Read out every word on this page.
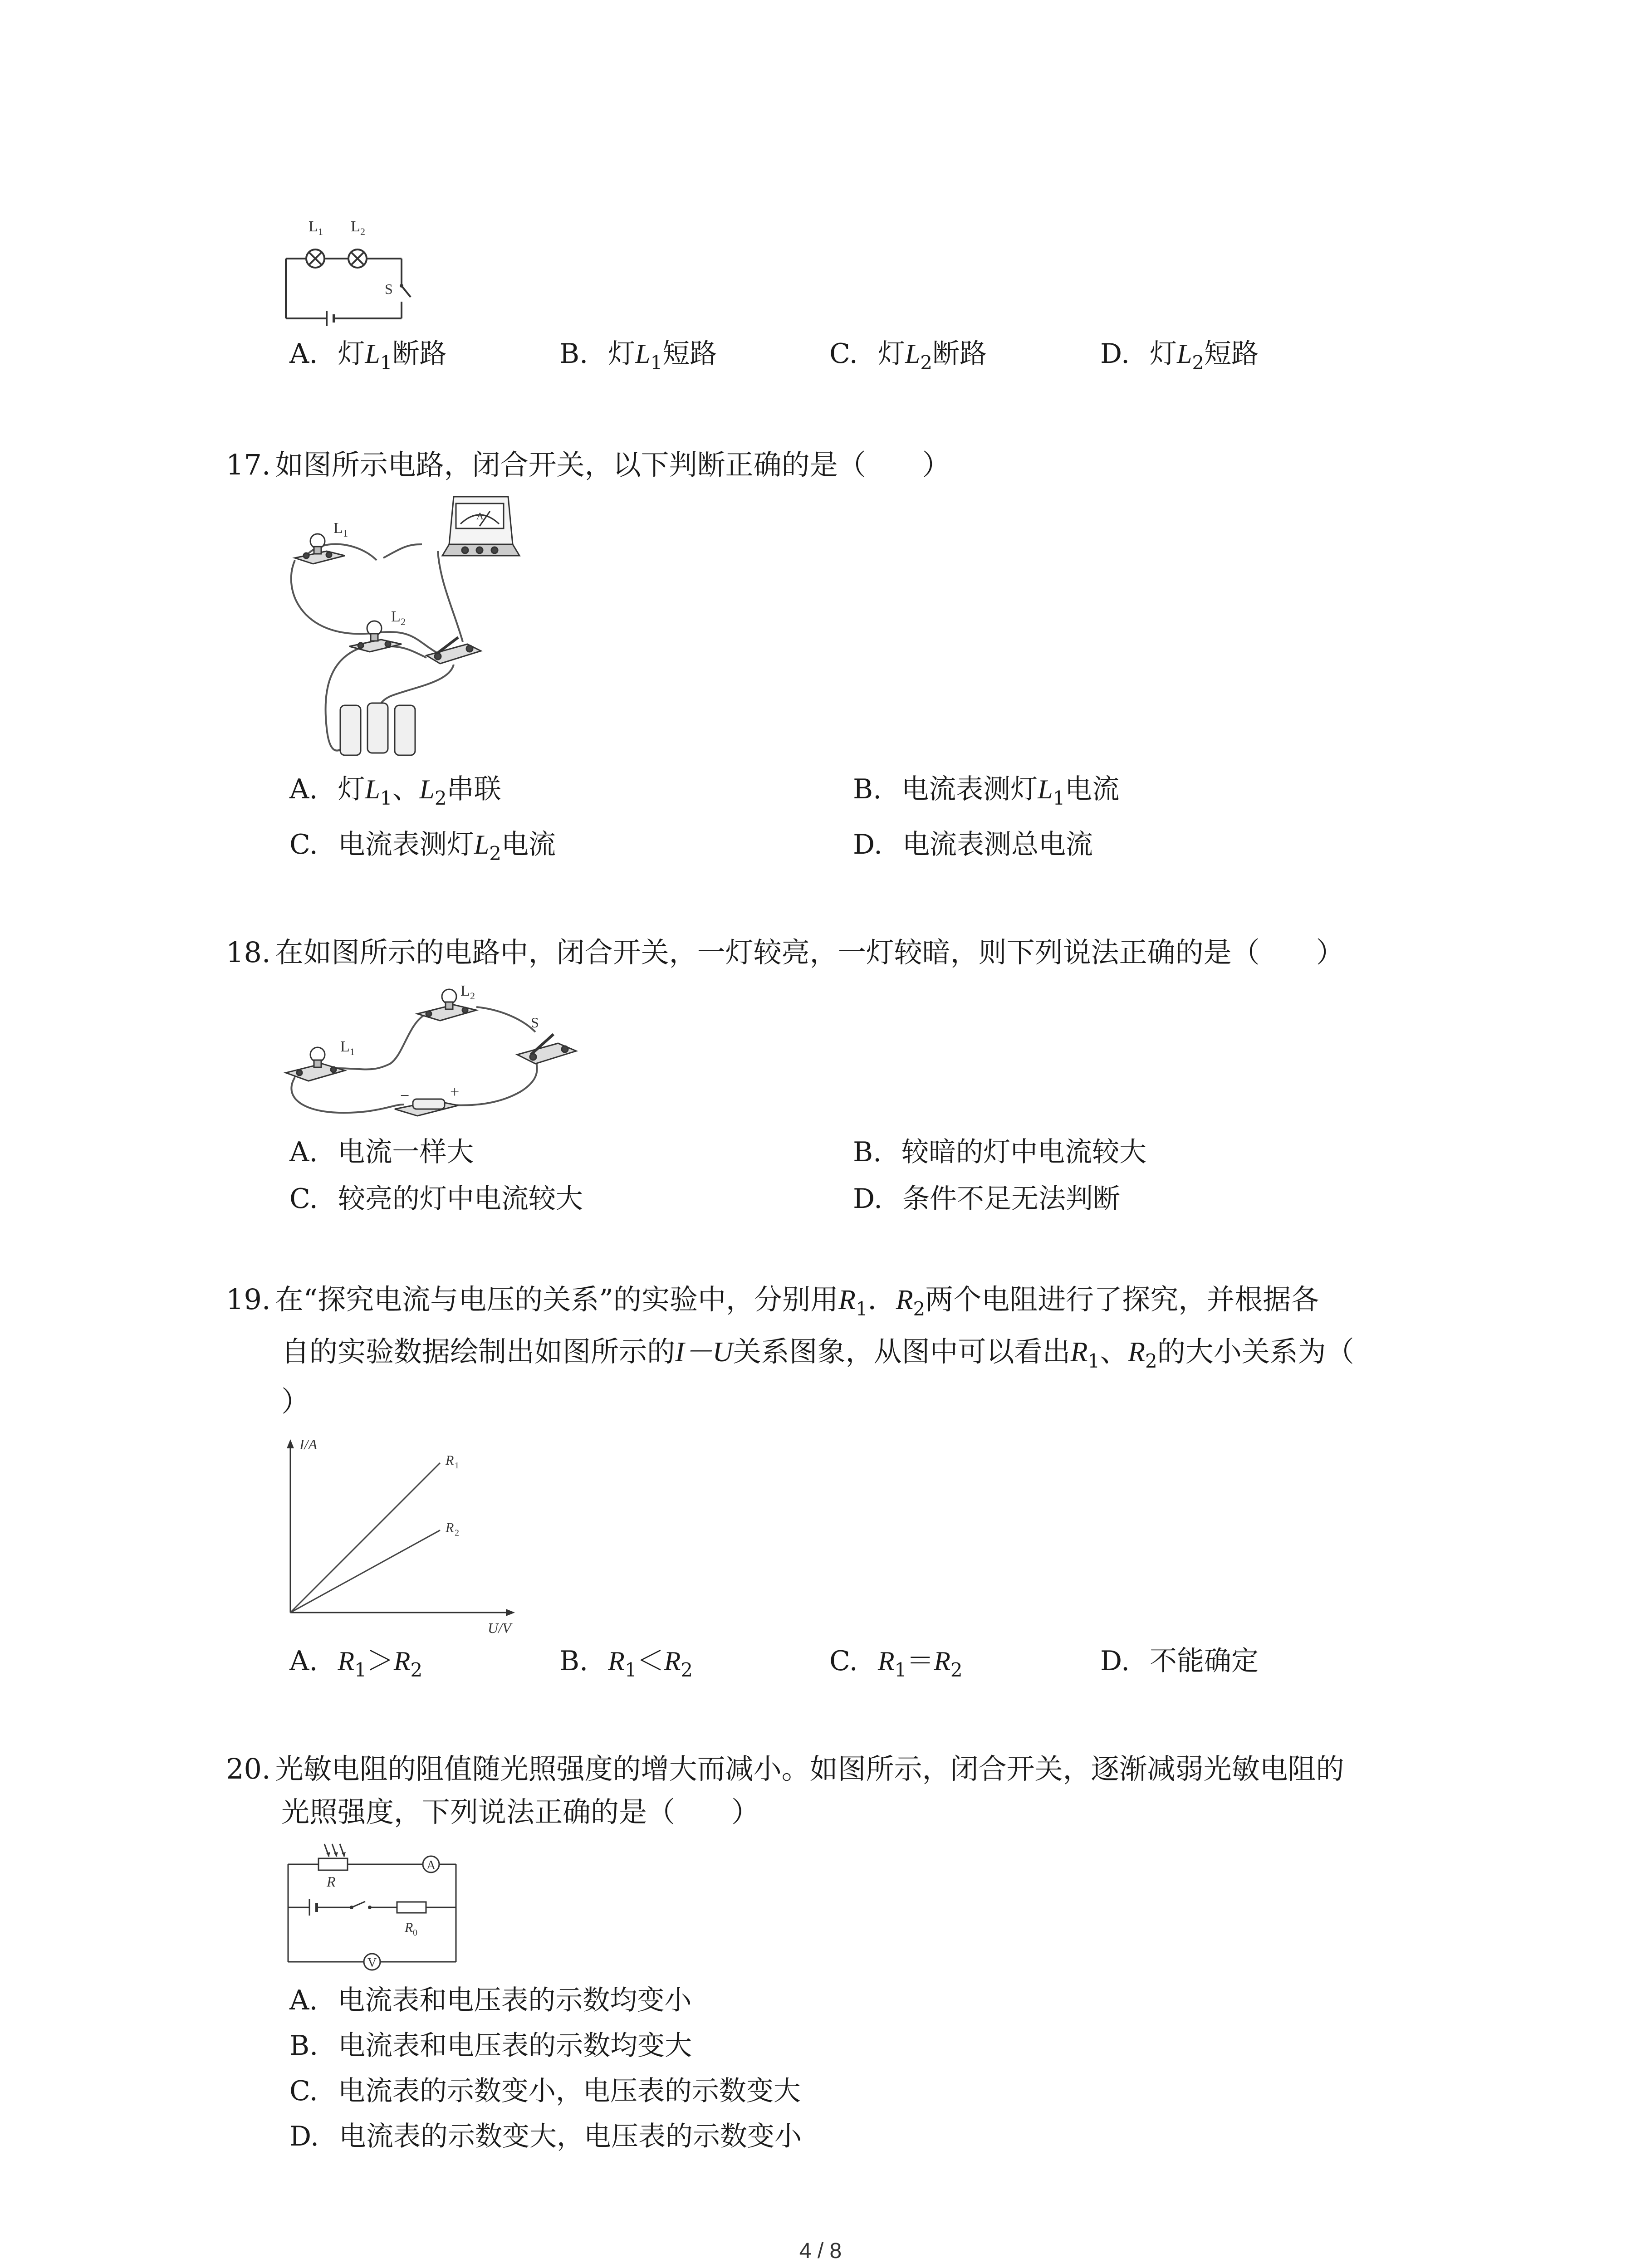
L 1 L 2
S
A. 灯$L_1$断路	B. 灯$L_1$短路	C. 灯$L_2$断路	D. 灯$L_2$短路
17. 如图所示电路，闭合开关，以下判断正确的是（　　）
L 1
L 2
A
A. 灯$L_1$、$L_2$串联	B. 电流表测灯$L_1$电流
C. 电流表测灯$L_2$电流	D. 电流表测总电流
18. 在如图所示的电路中，闭合开关，一灯较亮，一灯较暗，则下列说法正确的是（　　）
L 1
L 2
S
− +
A. 电流一样大	B. 较暗的灯中电流较大
C. 较亮的灯中电流较大	D. 条件不足无法判断
19. 在“探究电流与电压的关系”的实验中，分别用$R_1$．$R_2$两个电阻进行了探究，并根据各
自的实验数据绘制出如图所示的I－U关系图象，从图中可以看出$R_1$、$R_2$的大小关系为（
）
I/A
U/V
R 1
R 2
A. $R_1>R_2$	B. $R_1<R_2$	C. $R_1=R_2$	D. 不能确定
20. 光敏电阻的阻值随光照强度的增大而减小。如图所示，闭合开关，逐渐减弱光敏电阻的
光照强度，下列说法正确的是（　　）
R
R 0
A
V
A. 电流表和电压表的示数均变小
B. 电流表和电压表的示数均变大
C. 电流表的示数变小，电压表的示数变大
D. 电流表的示数变大，电压表的示数变小
4 / 8
